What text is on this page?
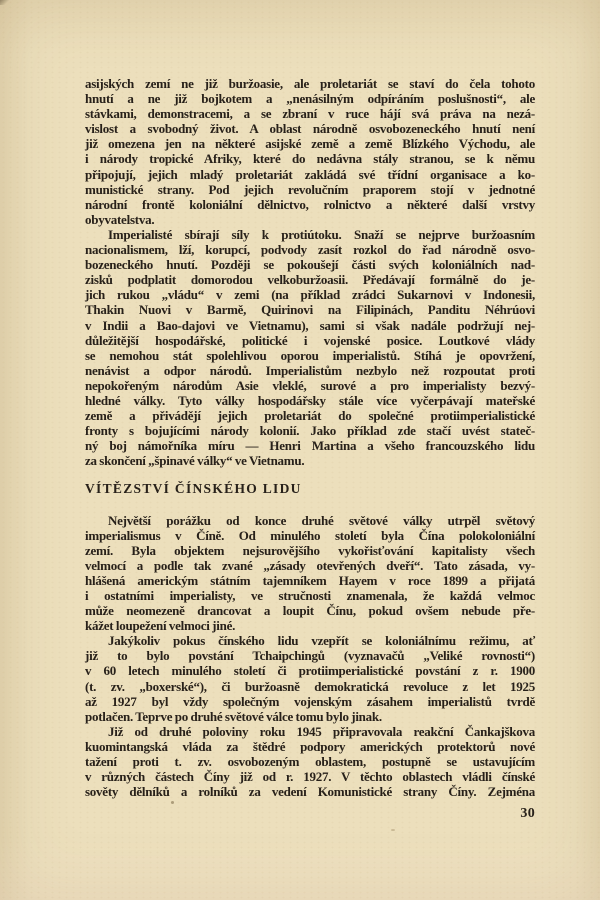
asijských zemí ne již buržoasie, ale proletariát se staví do čela tohoto
hnutí a ne již bojkotem a „nenásilným odpíráním poslušnosti“, ale
stávkami, demonstracemi, a se zbraní v ruce hájí svá práva na nezá-
vislost a svobodný život. A oblast národně osvobozeneckého hnutí není
již omezena jen na některé asijské země a země Blízkého Východu, ale
i národy tropické Afriky, které do nedávna stály stranou, se k němu
připojují, jejich mladý proletariát zakládá své třídní organisace a ko-
munistické strany. Pod jejich revolučním praporem stojí v jednotné
národní frontě koloniální dělnictvo, rolnictvo a některé další vrstvy
obyvatelstva.
Imperialisté sbírají síly k protiútoku. Snaží se nejprve buržoasním
nacionalismem, lží, korupcí, podvody zasít rozkol do řad národně osvo-
bozeneckého hnutí. Později se pokoušejí části svých koloniálních nad-
zisků podplatit domorodou velkoburžoasii. Předávají formálně do je-
jich rukou „vládu“ v zemi (na příklad zrádci Sukarnovi v Indonesii,
Thakin Nuovi v Barmě, Quirinovi na Filipinách, Panditu Néhrúovi
v Indii a Bao-dajovi ve Vietnamu), sami si však nadále podržují nej-
důležitější hospodářské, politické i vojenské posice. Loutkové vlády
se nemohou stát spolehlivou oporou imperialistů. Stíhá je opovržení,
nenávist a odpor národů. Imperialistům nezbylo než rozpoutat proti
nepokořeným národům Asie vleklé, surové a pro imperialisty bezvý-
hledné války. Tyto války hospodářsky stále více vyčerpávají mateřské
země a přivádějí jejich proletariát do společné protiimperialistické
fronty s bojujícími národy kolonií. Jako příklad zde stačí uvést stateč-
ný boj námořníka míru — Henri Martina a všeho francouzského lidu
za skončení „špinavé války“ ve Vietnamu.
VÍTĚZSTVÍ ČÍNSKÉHO LIDU
Největší porážku od konce druhé světové války utrpěl světový
imperialismus v Číně. Od minulého století byla Čína polokoloniální
zemí. Byla objektem nejsurovějšího vykořisťování kapitalisty všech
velmocí a podle tak zvané „zásady otevřených dveří“. Tato zásada, vy-
hlášená americkým státním tajemníkem Hayem v roce 1899 a přijatá
i ostatními imperialisty, ve stručnosti znamenala, že každá velmoc
může neomezeně drancovat a loupit Čínu, pokud ovšem nebude pře-
kážet loupežení velmoci jiné.
Jakýkoliv pokus čínského lidu vzepřít se koloniálnímu režimu, ať
již to bylo povstání Tchaipchingů (vyznavačů „Veliké rovnosti“)
v 60 letech minulého století či protiimperialistické povstání z r. 1900
(t. zv. „boxerské“), či buržoasně demokratická revoluce z let 1925
až 1927 byl vždy společným vojenským zásahem imperialistů tvrdě
potlačen. Teprve po druhé světové válce tomu bylo jinak.
Již od druhé poloviny roku 1945 připravovala reakční Čankajškova
kuomintangská vláda za štědré podpory amerických protektorů nové
tažení proti t. zv. osvobozeným oblastem, postupně se ustavujícím
v různých částech Číny již od r. 1927. V těchto oblastech vládli čínské
sověty dělníků a rolníků za vedení Komunistické strany Číny. Zejména
30
